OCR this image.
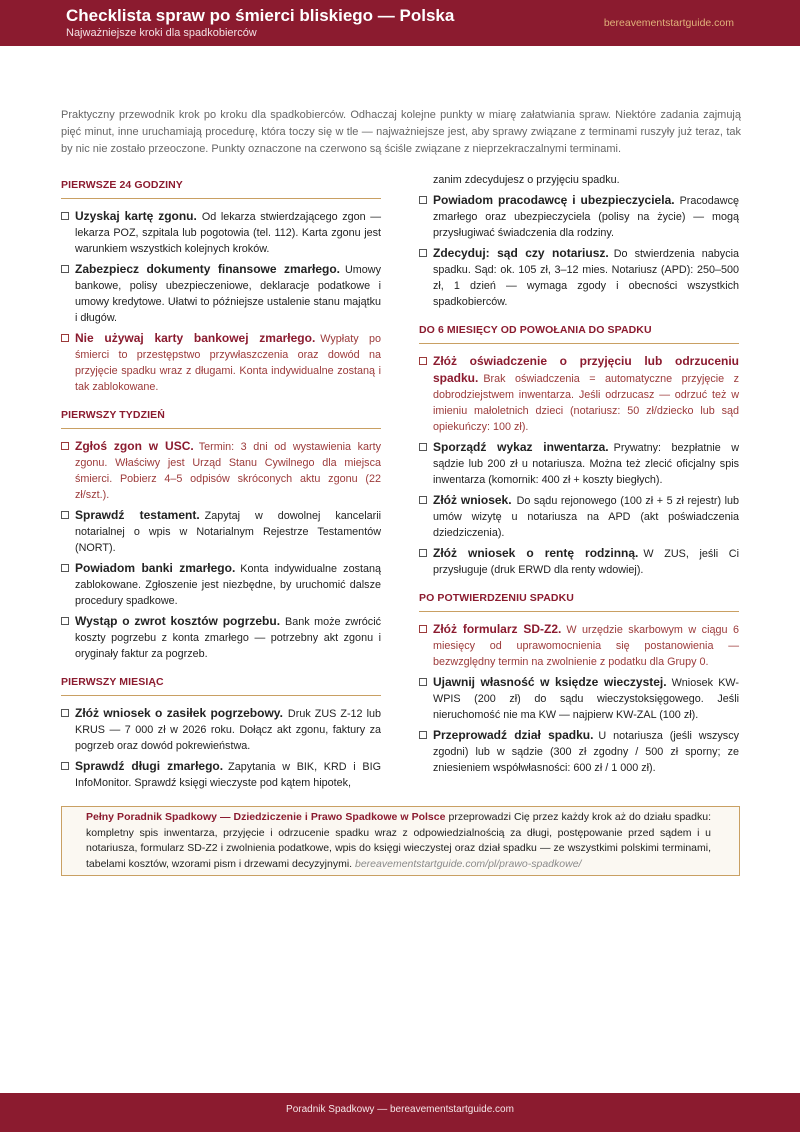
Checklista spraw po śmierci bliskiego — Polska
Najważniejsze kroki dla spadkobierców
bereavementstartguide.com

Praktyczny przewodnik krok po kroku dla spadkobierców. Odhaczaj kolejne punkty w miarę załatwiania spraw. Niektóre zadania zajmują pięć minut, inne uruchamiają procedurę, która toczy się w tle — najważniejsze jest, aby sprawy związane z terminami ruszyły już teraz, tak by nic nie zostało przeoczone. Punkty oznaczone na czerwono są ściśle związane z nieprzekraczalnymi terminami.

PIERWSZE 24 GODZINY
Uzyskaj kartę zgonu. Od lekarza stwierdzającego zgon — lekarza POZ, szpitala lub pogotowia (tel. 112). Karta zgonu jest warunkiem wszystkich kolejnych kroków.
Zabezpiecz dokumenty finansowe zmarłego. Umowy bankowe, polisy ubezpieczeniowe, deklaracje podatkowe i umowy kredytowe. Ułatwi to późniejsze ustalenie stanu majątku i długów.
Nie używaj karty bankowej zmarłego. Wypłaty po śmierci to przestępstwo przywłaszczenia oraz dowód na przyjęcie spadku wraz z długami. Konta indywidualne zostaną i tak zablokowane.
PIERWSZY TYDZIEŃ
Zgłoś zgon w USC. Termin: 3 dni od wystawienia karty zgonu. Właściwy jest Urząd Stanu Cywilnego dla miejsca śmierci. Pobierz 4–5 odpisów skróconych aktu zgonu (22 zł/szt.).
Sprawdź testament. Zapytaj w dowolnej kancelarii notarialnej o wpis w Notarialnym Rejestrze Testamentów (NORT).
Powiadom banki zmarłego. Konta indywidualne zostaną zablokowane. Zgłoszenie jest niezbędne, by uruchomić dalsze procedury spadkowe.
Wystąp o zwrot kosztów pogrzebu. Bank może zwrócić koszty pogrzebu z konta zmarłego — potrzebny akt zgonu i oryginały faktur za pogrzeb.
PIERWSZY MIESIĄC
Złóż wniosek o zasiłek pogrzebowy. Druk ZUS Z-12 lub KRUS — 7 000 zł w 2026 roku. Dołącz akt zgonu, faktury za pogrzeb oraz dowód pokrewieństwa.
Sprawdź długi zmarłego. Zapytania w BIK, KRD i BIG InfoMonitor. Sprawdź księgi wieczyste pod kątem hipotek,
zanim zdecydujesz o przyjęciu spadku.
Powiadom pracodawcę i ubezpieczyciela. Pracodawcę zmarłego oraz ubezpieczyciela (polisy na życie) — mogą przysługiwać świadczenia dla rodziny.
Zdecyduj: sąd czy notariusz. Do stwierdzenia nabycia spadku. Sąd: ok. 105 zł, 3–12 mies. Notariusz (APD): 250–500 zł, 1 dzień — wymaga zgody i obecności wszystkich spadkobierców.
DO 6 MIESIĘCY OD POWOŁANIA DO SPADKU
Złóż oświadczenie o przyjęciu lub odrzuceniu spadku. Brak oświadczenia = automatyczne przyjęcie z dobrodziejstwem inwentarza. Jeśli odrzucasz — odrzuć też w imieniu małoletnich dzieci (notariusz: 50 zł/dziecko lub sąd opiekuńczy: 100 zł).
Sporządź wykaz inwentarza. Prywatny: bezpłatnie w sądzie lub 200 zł u notariusza. Można też zlecić oficjalny spis inwentarza (komornik: 400 zł + koszty biegłych).
Złóż wniosek. Do sądu rejonowego (100 zł + 5 zł rejestr) lub umów wizytę u notariusza na APD (akt poświadczenia dziedziczenia).
Złóż wniosek o rentę rodzinną. W ZUS, jeśli Ci przysługuje (druk ERWD dla renty wdowiej).
PO POTWIERDZENIU SPADKU
Złóż formularz SD-Z2. W urzędzie skarbowym w ciągu 6 miesięcy od uprawomocnienia się postanowienia — bezwzględny termin na zwolnienie z podatku dla Grupy 0.
Ujawnij własność w księdze wieczystej. Wniosek KW-WPIS (200 zł) do sądu wieczystoksięgowego. Jeśli nieruchomość nie ma KW — najpierw KW-ZAL (100 zł).
Przeprowadź dział spadku. U notariusza (jeśli wszyscy zgodni) lub w sądzie (300 zł zgodny / 500 zł sporny; ze zniesieniem współwłasności: 600 zł / 1 000 zł).
Pełny Poradnik Spadkowy — Dziedziczenie i Prawo Spadkowe w Polsce przeprowadzi Cię przez każdy krok aż do działu spadku: kompletny spis inwentarza, przyjęcie i odrzucenie spadku wraz z odpowiedzialnością za długi, postępowanie przed sądem i u notariusza, formularz SD-Z2 i zwolnienia podatkowe, wpis do księgi wieczystej oraz dział spadku — ze wszystkimi polskimi terminami, tabelami kosztów, wzorami pism i drzewami decyzyjnymi. bereavementstartguide.com/pl/prawo-spadkowe/
Poradnik Spadkowy — bereavementstartguide.com
